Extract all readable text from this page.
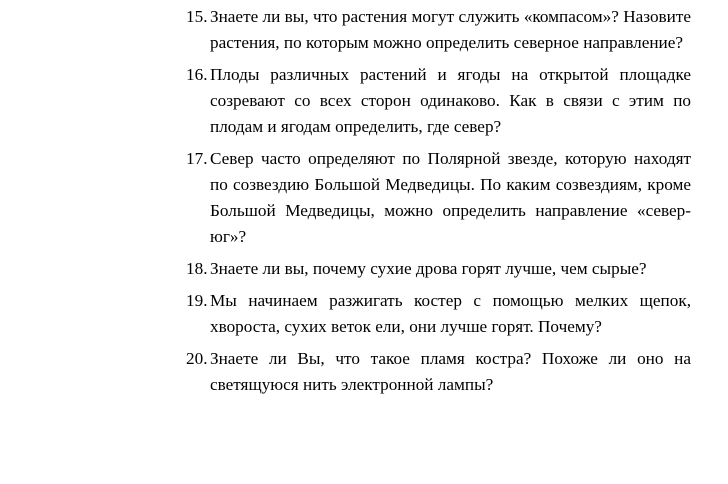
15. Знаете ли вы, что растения могут служить «компасом»? Назовите растения, по которым можно определить северное направление?
16. Плоды различных растений и ягоды на открытой площадке созревают со всех сторон одинаково. Как в связи с этим по плодам и ягодам определить, где север?
17. Север часто определяют по Полярной звезде, которую находят по созвездию Большой Медведицы. По каким созвездиям, кроме Большой Медведицы, можно определить направление «север-юг»?
18. Знаете ли вы, почему сухие дрова горят лучше, чем сырые?
19. Мы начинаем разжигать костер с помощью мелких щепок, хвороста, сухих веток ели, они лучше горят. Почему?
20. Знаете ли Вы, что такое пламя костра? Похоже ли оно на светящуюся нить электронной лампы?
